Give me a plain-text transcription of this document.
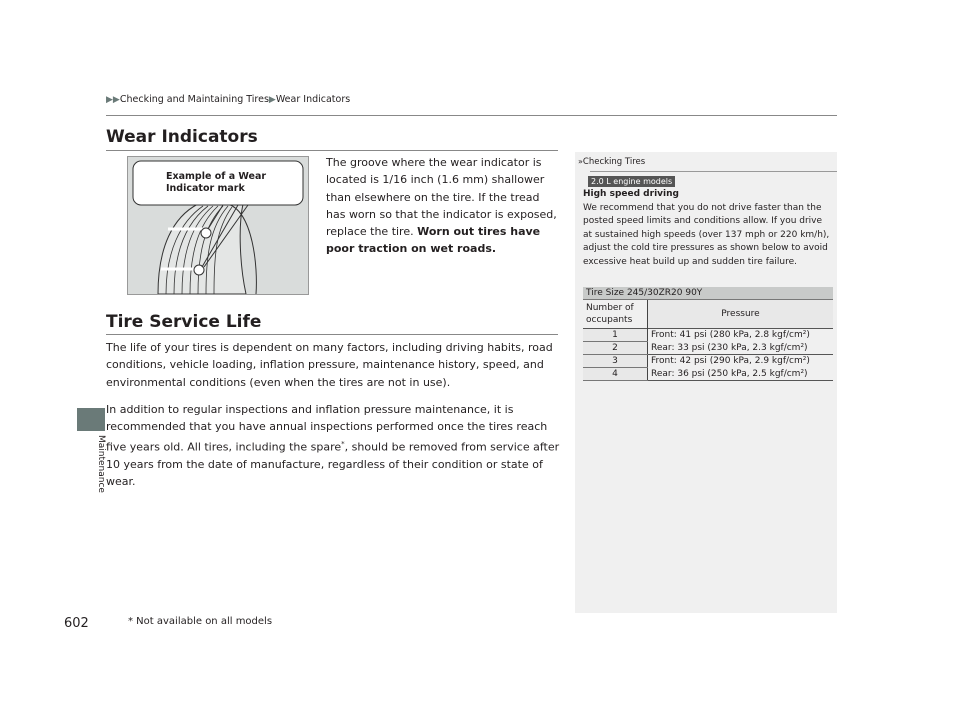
▶▶Checking and Maintaining Tires▶Wear Indicators
Wear Indicators
Example of a Wear Indicator mark
The groove where the wear indicator is located is 1/16 inch (1.6 mm) shallower than elsewhere on the tire. If the tread has worn so that the indicator is exposed, replace the tire. Worn out tires have poor traction on wet roads.
Tire Service Life
The life of your tires is dependent on many factors, including driving habits, road conditions, vehicle loading, inflation pressure, maintenance history, speed, and environmental conditions (even when the tires are not in use).
In addition to regular inspections and inflation pressure maintenance, it is recommended that you have annual inspections performed once the tires reach five years old. All tires, including the spare*, should be removed from service after 10 years from the date of manufacture, regardless of their condition or state of wear.
»Checking Tires
2.0 L engine models
High speed driving
We recommend that you do not drive faster than the posted speed limits and conditions allow. If you drive at sustained high speeds (over 137 mph or 220 km/h), adjust the cold tire pressures as shown below to avoid excessive heat build up and sudden tire failure.
Tire Size 245/30ZR20 90Y	
Number of occupants	Pressure
1	Front: 41 psi (280 kPa, 2.8 kgf/cm²)
2	Rear: 33 psi (230 kPa, 2.3 kgf/cm²)
3	Front: 42 psi (290 kPa, 2.9 kgf/cm²)
4	Rear: 36 psi (250 kPa, 2.5 kgf/cm²)
Maintenance
602	* Not available on all models
